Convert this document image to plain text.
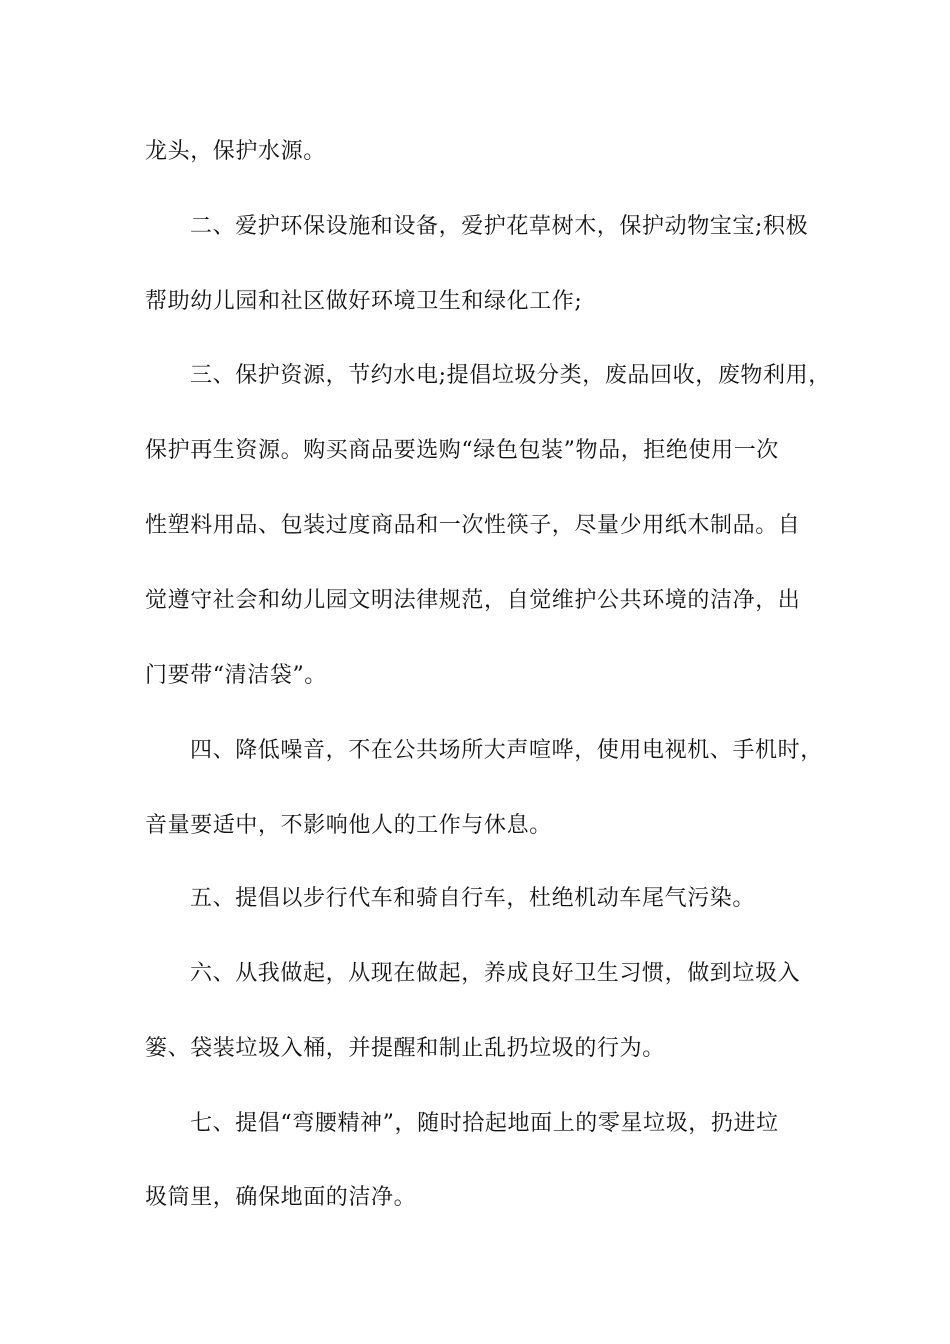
龙头，保护水源。
二、爱护环保设施和设备，爱护花草树木，保护动物宝宝;积极
帮助幼儿园和社区做好环境卫生和绿化工作;
三、保护资源，节约水电;提倡垃圾分类，废品回收，废物利用，
保护再生资源。购买商品要选购“绿色包装”物品，拒绝使用一次
性塑料用品、包装过度商品和一次性筷子，尽量少用纸木制品。自
觉遵守社会和幼儿园文明法律规范，自觉维护公共环境的洁净，出
门要带“清洁袋”。
四、降低噪音，不在公共场所大声喧哗，使用电视机、手机时，
音量要适中，不影响他人的工作与休息。
五、提倡以步行代车和骑自行车，杜绝机动车尾气污染。
六、从我做起，从现在做起，养成良好卫生习惯，做到垃圾入
篓、袋装垃圾入桶，并提醒和制止乱扔垃圾的行为。
七、提倡“弯腰精神”，随时拾起地面上的零星垃圾，扔进垃
圾筒里，确保地面的洁净。
